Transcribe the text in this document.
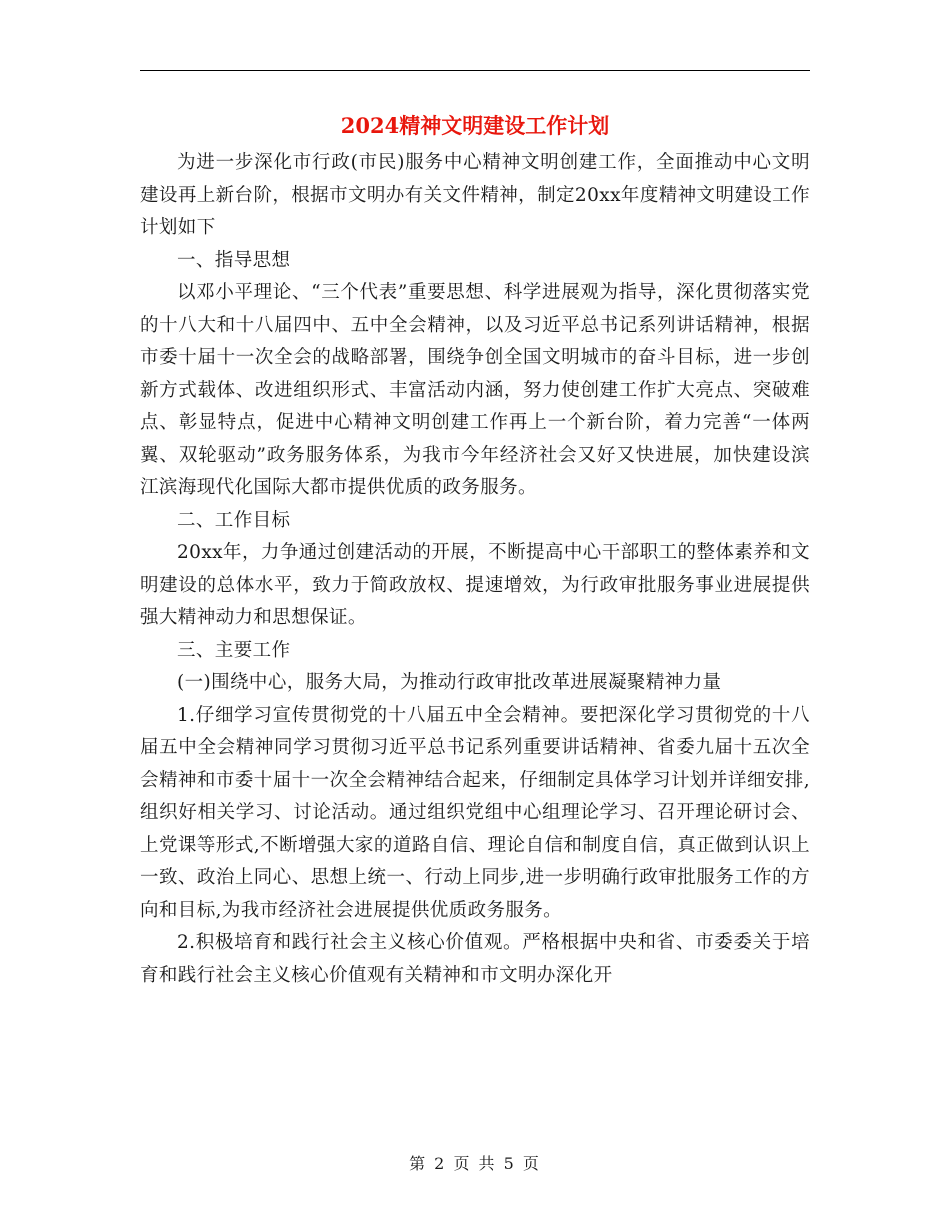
2024精神文明建设工作计划

为进一步深化市行政(市民)服务中心精神文明创建工作，全面推动中心文明建设再上新台阶，根据市文明办有关文件精神，制定20xx年度精神文明建设工作计划如下

一、指导思想

以邓小平理论、“三个代表”重要思想、科学进展观为指导，深化贯彻落实党的十八大和十八届四中、五中全会精神，以及习近平总书记系列讲话精神，根据市委十届十一次全会的战略部署，围绕争创全国文明城市的奋斗目标，进一步创新方式载体、改进组织形式、丰富活动内涵，努力使创建工作扩大亮点、突破难点、彰显特点，促进中心精神文明创建工作再上一个新台阶，着力完善“一体两翼、双轮驱动”政务服务体系，为我市今年经济社会又好又快进展，加快建设滨江滨海现代化国际大都市提供优质的政务服务。

二、工作目标

20xx年，力争通过创建活动的开展，不断提高中心干部职工的整体素养和文明建设的总体水平，致力于简政放权、提速增效，为行政审批服务事业进展提供强大精神动力和思想保证。

三、主要工作

(一)围绕中心，服务大局，为推动行政审批改革进展凝聚精神力量

1.仔细学习宣传贯彻党的十八届五中全会精神。要把深化学习贯彻党的十八届五中全会精神同学习贯彻习近平总书记系列重要讲话精神、省委九届十五次全会精神和市委十届十一次全会精神结合起来，仔细制定具体学习计划并详细安排,组织好相关学习、讨论活动。通过组织党组中心组理论学习、召开理论研讨会、上党课等形式,不断增强大家的道路自信、理论自信和制度自信，真正做到认识上一致、政治上同心、思想上统一、行动上同步,进一步明确行政审批服务工作的方向和目标,为我市经济社会进展提供优质政务服务。

2.积极培育和践行社会主义核心价值观。严格根据中央和省、市委委关于培育和践行社会主义核心价值观有关精神和市文明办深化开

第 2 页 共 5 页
